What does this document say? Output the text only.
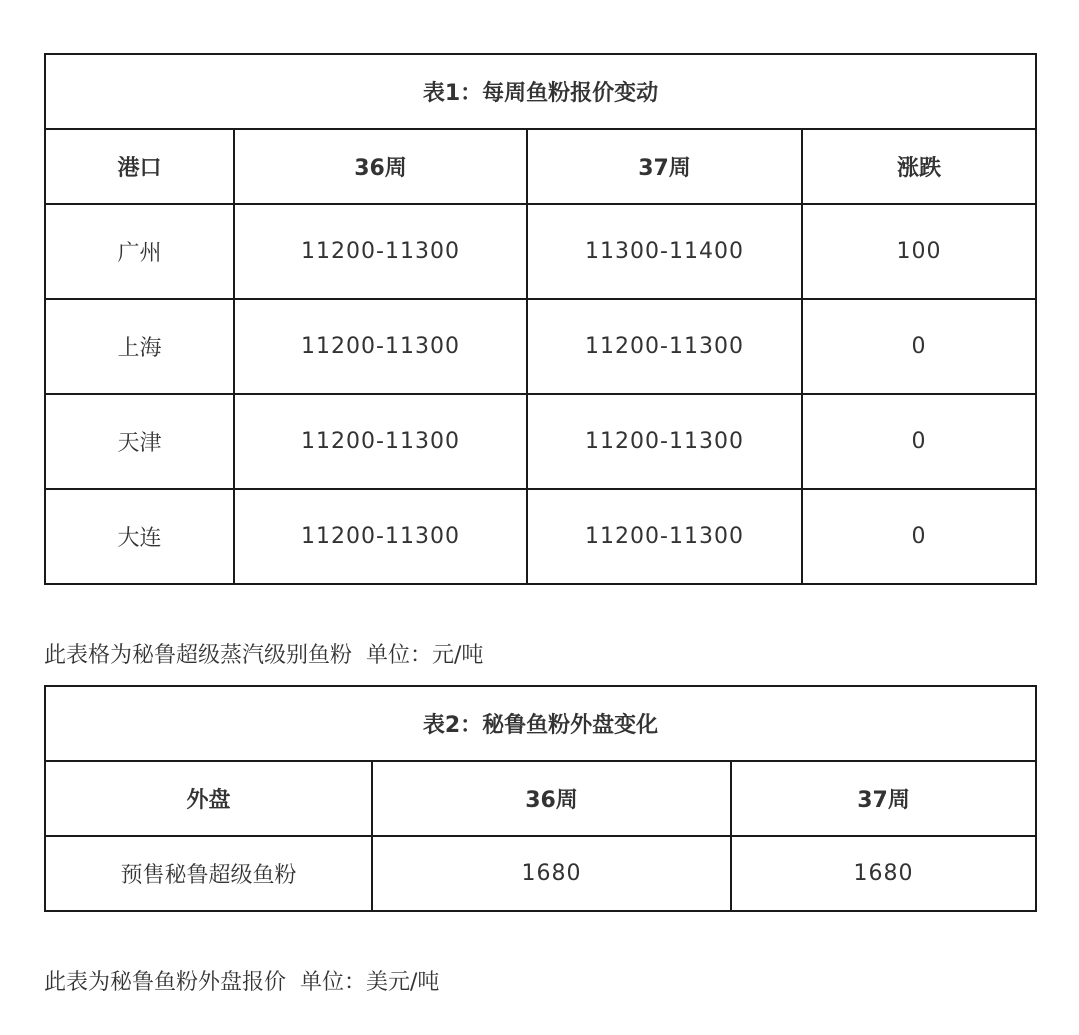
表1：每周鱼粉报价变动			
港口	36周	37周	涨跌
广州	11200-11300	11300-11400	100
上海	11200-11300	11200-11300	0
天津	11200-11300	11200-11300	0
大连	11200-11300	11200-11300	0
此表格为秘鲁超级蒸汽级别鱼粉  单位：元/吨
表2：秘鲁鱼粉外盘变化		
外盘	36周	37周
预售秘鲁超级鱼粉	1680	1680
此表为秘鲁鱼粉外盘报价  单位：美元/吨
